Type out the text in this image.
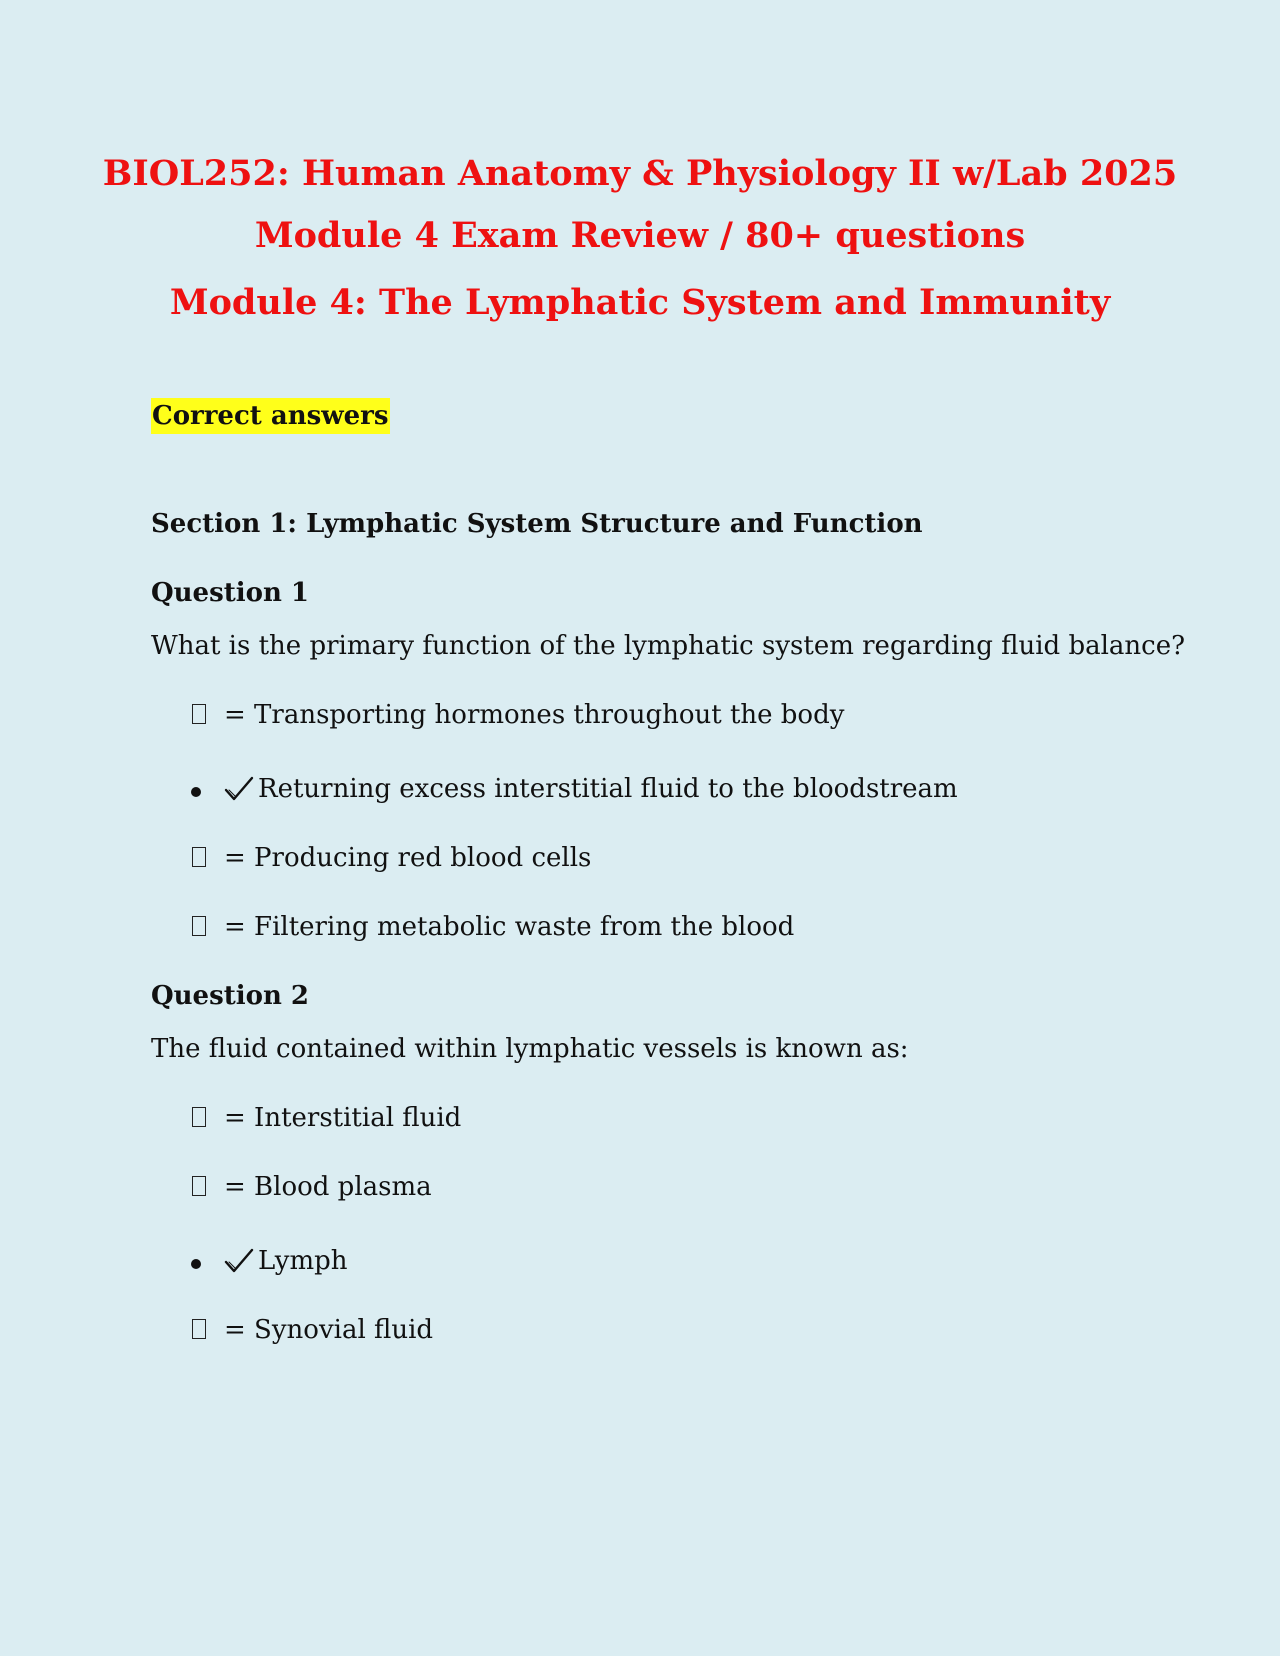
BIOL252: Human Anatomy & Physiology II w/Lab 2025
Module 4 Exam Review / 80+ questions
Module 4: The Lymphatic System and Immunity
Correct answers
Section 1: Lymphatic System Structure and Function
Question 1
What is the primary function of the lymphatic system regarding fluid balance?
= Transporting hormones throughout the body
Returning excess interstitial fluid to the bloodstream
= Producing red blood cells
= Filtering metabolic waste from the blood
Question 2
The fluid contained within lymphatic vessels is known as:
= Interstitial fluid
= Blood plasma
Lymph
= Synovial fluid
